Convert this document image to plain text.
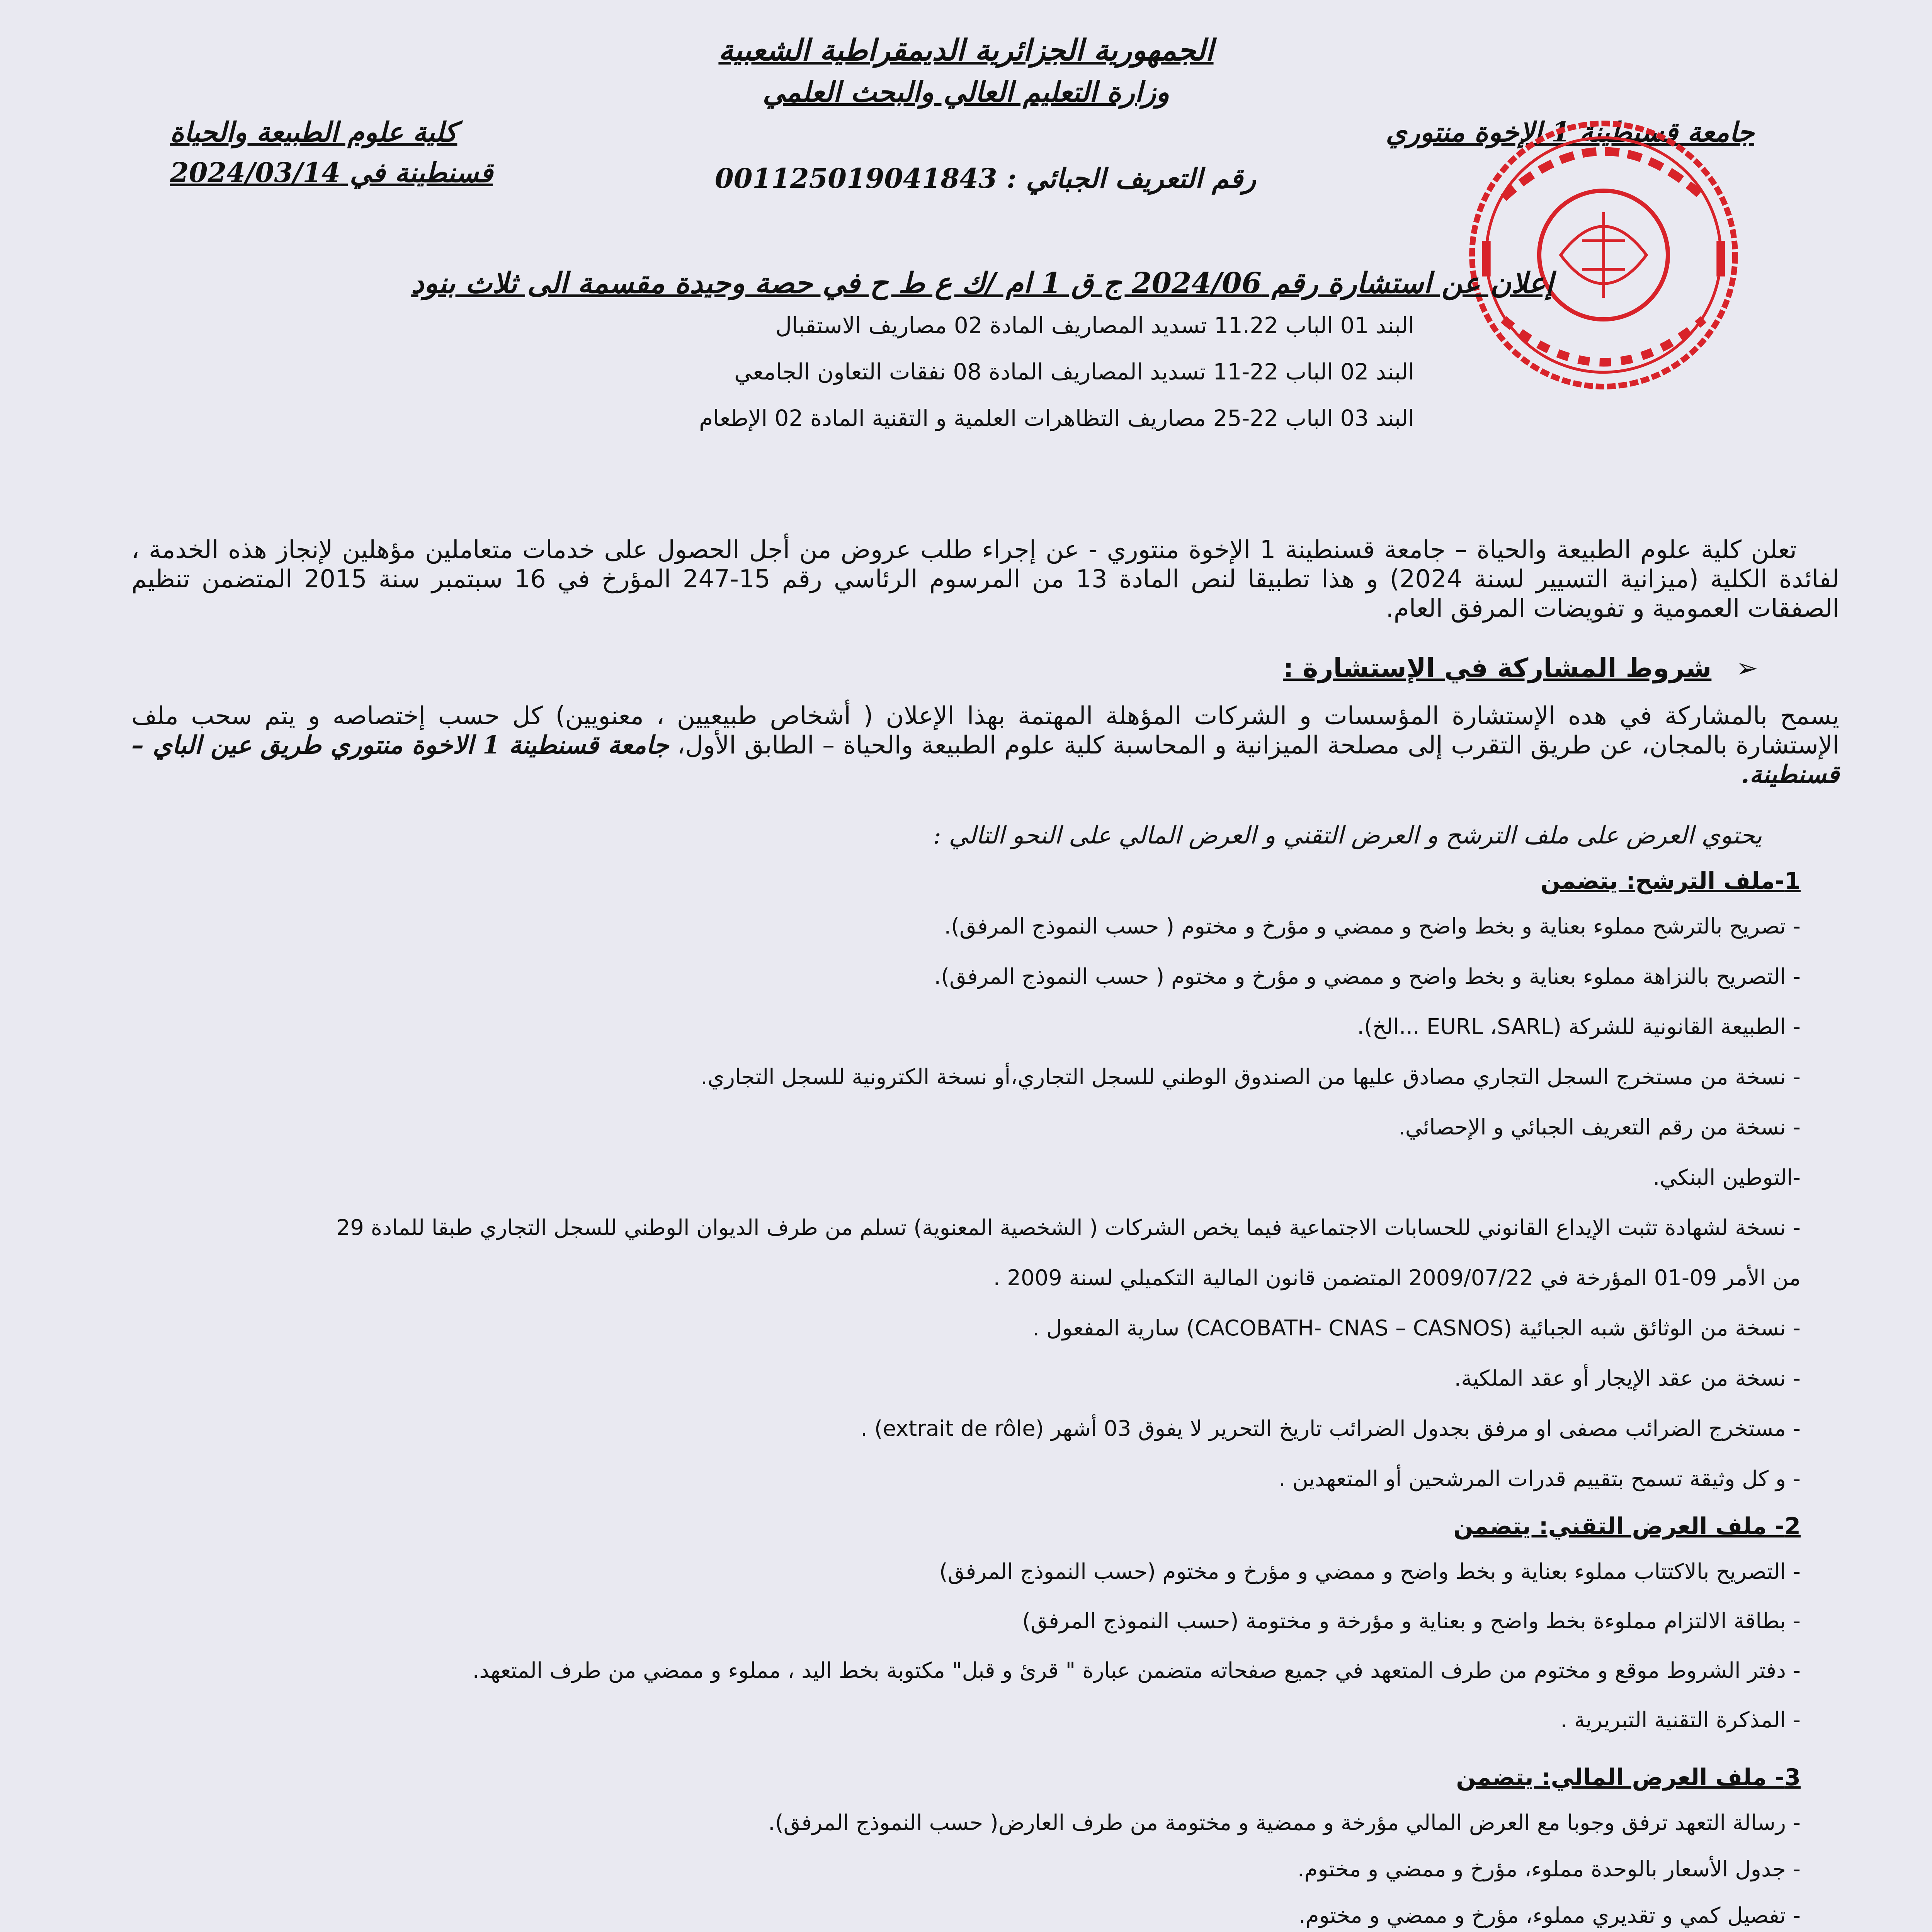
الجمهورية الجزائرية الديمقراطية الشعبية
وزارة التعليم العالي والبحث العلمي
جامعة قسنطينة 1 الإخوة منتوري
كلية علوم الطبيعة والحياة
قسنطينة في 2024/03/14	رقم التعريف الجبائي : 001125019041843
إعلان عن استشارة رقم 2024/06 ج ق 1 ام /ك ع ط ح في حصة وحيدة مقسمة الى ثلاث بنود
البند 01 الباب 11.22 تسديد المصاريف المادة 02 مصاريف الاستقبال
البند 02 الباب 22-11 تسديد المصاريف المادة 08 نفقات التعاون الجامعي
البند 03 الباب 22-25 مصاريف التظاهرات العلمية و التقنية المادة 02 الإطعام
تعلن كلية علوم الطبيعة والحياة – جامعة قسنطينة 1 الإخوة منتوري - عن إجراء طلب عروض من أجل الحصول على خدمات متعاملين مؤهلين لإنجاز هذه الخدمة ، لفائدة الكلية (ميزانية التسيير لسنة 2024) و هذا تطبيقا لنص المادة 13 من المرسوم الرئاسي رقم 15-247 المؤرخ في 16 سبتمبر سنة 2015 المتضمن تنظيم الصفقات العمومية و تفويضات المرفق العام.
➢ شروط المشاركة في الإستشارة :
يسمح بالمشاركة في هده الإستشارة المؤسسات و الشركات المؤهلة المهتمة بهذا الإعلان ( أشخاص طبيعيين ، معنويين) كل حسب إختصاصه و يتم سحب ملف الإستشارة بالمجان، عن طريق التقرب إلى مصلحة الميزانية و المحاسبة كلية علوم الطبيعة والحياة – الطابق الأول، جامعة قسنطينة 1 الاخوة منتوري طريق عين الباي – قسنطينة.
يحتوي العرض على ملف الترشح و العرض التقني و العرض المالي على النحو التالي :
1-ملف الترشح: يتضمن
- تصريح بالترشح مملوء بعناية و بخط واضح و ممضي و مؤرخ و مختوم ( حسب النموذج المرفق).
- التصريح بالنزاهة مملوء بعناية و بخط واضح و ممضي و مؤرخ و مختوم ( حسب النموذج المرفق).
- الطبيعة القانونية للشركة (EURL ،SARL ...الخ).
- نسخة من مستخرج السجل التجاري مصادق عليها من الصندوق الوطني للسجل التجاري،أو نسخة الكترونية للسجل التجاري.
- نسخة من رقم التعريف الجبائي و الإحصائي.
-التوطين البنكي.
- نسخة لشهادة تثبت الإيداع القانوني للحسابات الاجتماعية فيما يخص الشركات ( الشخصية المعنوية) تسلم من طرف الديوان الوطني للسجل التجاري طبقا للمادة 29
من الأمر 09-01 المؤرخة في 2009/07/22 المتضمن قانون المالية التكميلي لسنة 2009 .
- نسخة من الوثائق شبه الجبائية (CACOBATH- CNAS – CASNOS) سارية المفعول .
- نسخة من عقد الإيجار أو عقد الملكية.
- مستخرج الضرائب مصفى او مرفق بجدول الضرائب تاريخ التحرير لا يفوق 03 أشهر (extrait de rôle) .
- و كل وثيقة تسمح بتقييم قدرات المرشحين أو المتعهدين .
2- ملف العرض التقني: يتضمن
- التصريح بالاكتتاب مملوء بعناية و بخط واضح و ممضي و مؤرخ و مختوم (حسب النموذج المرفق)
- بطاقة الالتزام مملوءة بخط واضح و بعناية و مؤرخة و مختومة (حسب النموذج المرفق)
- دفتر الشروط موقع و مختوم من طرف المتعهد في جميع صفحاته متضمن عبارة " قرئ و قبل" مكتوبة بخط اليد ، مملوء و ممضي من طرف المتعهد.
- المذكرة التقنية التبريرية .
3- ملف العرض المالي: يتضمن
- رسالة التعهد ترفق وجوبا مع العرض المالي مؤرخة و ممضية و مختومة من طرف العارض( حسب النموذج المرفق).
- جدول الأسعار بالوحدة مملوء، مؤرخ و ممضي و مختوم.
- تفصيل كمي و تقديري مملوء، مؤرخ و ممضي و مختوم.
